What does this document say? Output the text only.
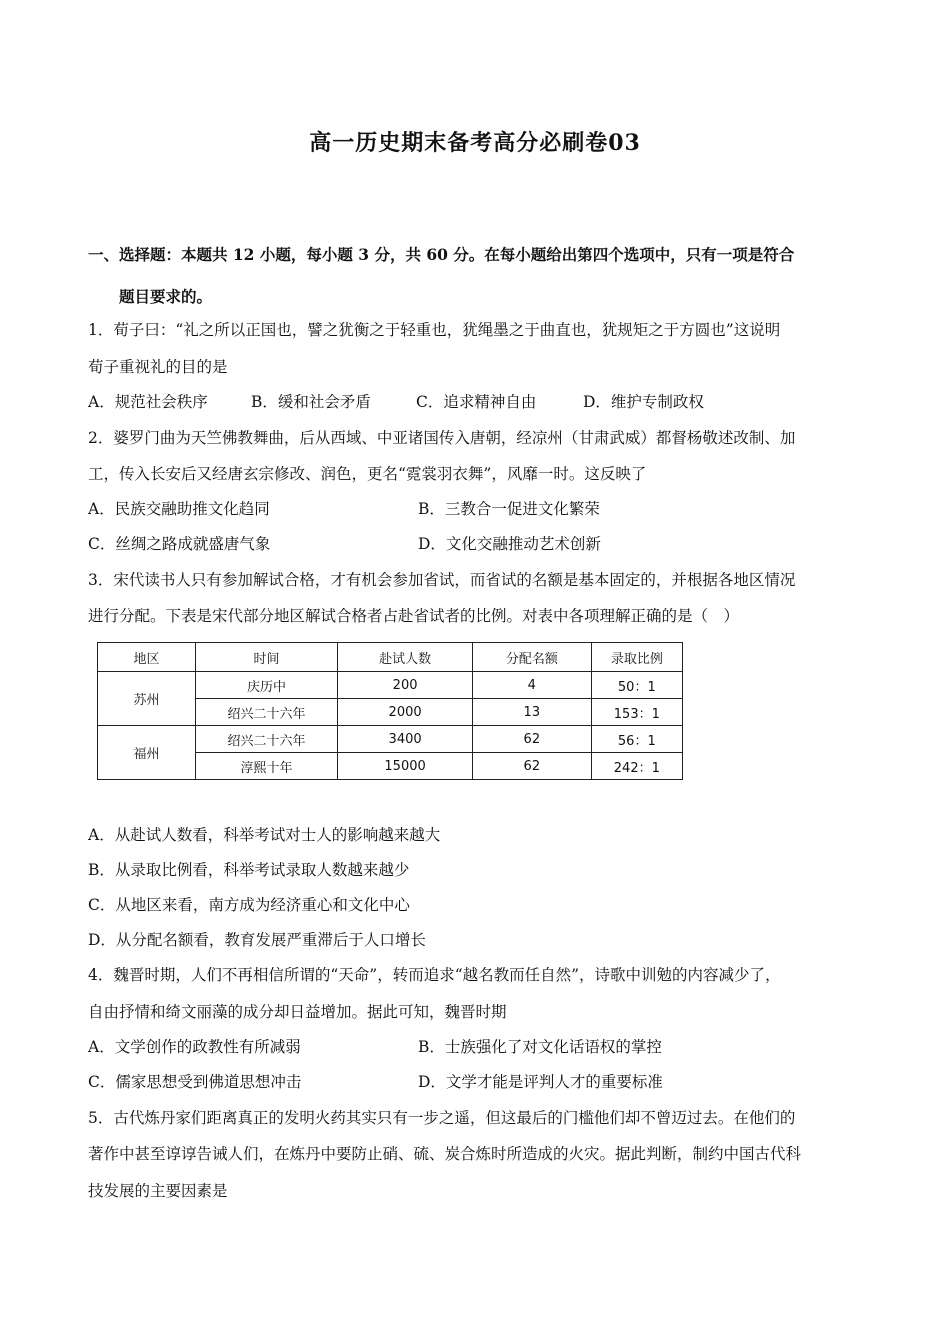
高一历史期末备考高分必刷卷03
一、选择题：本题共 12 小题，每小题 3 分，共 60 分。在每小题给出第四个选项中，只有一项是符合
题目要求的。
1．荀子曰：“礼之所以正国也，譬之犹衡之于轻重也，犹绳墨之于曲直也，犹规矩之于方圆也”这说明
荀子重视礼的目的是
A．规范社会秩序	B．缓和社会矛盾	C．追求精神自由	D．维护专制政权
2．婆罗门曲为天竺佛教舞曲，后从西域、中亚诸国传入唐朝，经凉州（甘肃武威）都督杨敬述改制、加
工，传入长安后又经唐玄宗修改、润色，更名“霓裳羽衣舞”，风靡一时。这反映了
A．民族交融助推文化趋同	B．三教合一促进文化繁荣
C．丝绸之路成就盛唐气象	D．文化交融推动艺术创新
3．宋代读书人只有参加解试合格，才有机会参加省试，而省试的名额是基本固定的，并根据各地区情况
进行分配。下表是宋代部分地区解试合格者占赴省试者的比例。对表中各项理解正确的是（　）
地区	时间	赴试人数	分配名额	录取比例
苏州	庆历中	200	4	50：1
	绍兴二十六年	2000	13	153：1
福州	绍兴二十六年	3400	62	56：1
	淳熙十年	15000	62	242：1
A．从赴试人数看，科举考试对士人的影响越来越大
B．从录取比例看，科举考试录取人数越来越少
C．从地区来看，南方成为经济重心和文化中心
D．从分配名额看，教育发展严重滞后于人口增长
4．魏晋时期，人们不再相信所谓的“天命”，转而追求“越名教而任自然”，诗歌中训勉的内容减少了，
自由抒情和绮文丽藻的成分却日益增加。据此可知，魏晋时期
A．文学创作的政教性有所减弱	B．士族强化了对文化话语权的掌控
C．儒家思想受到佛道思想冲击	D．文学才能是评判人才的重要标准
5．古代炼丹家们距离真正的发明火药其实只有一步之遥，但这最后的门槛他们却不曾迈过去。在他们的
著作中甚至谆谆告诫人们，在炼丹中要防止硝、硫、炭合炼时所造成的火灾。据此判断，制约中国古代科
技发展的主要因素是
